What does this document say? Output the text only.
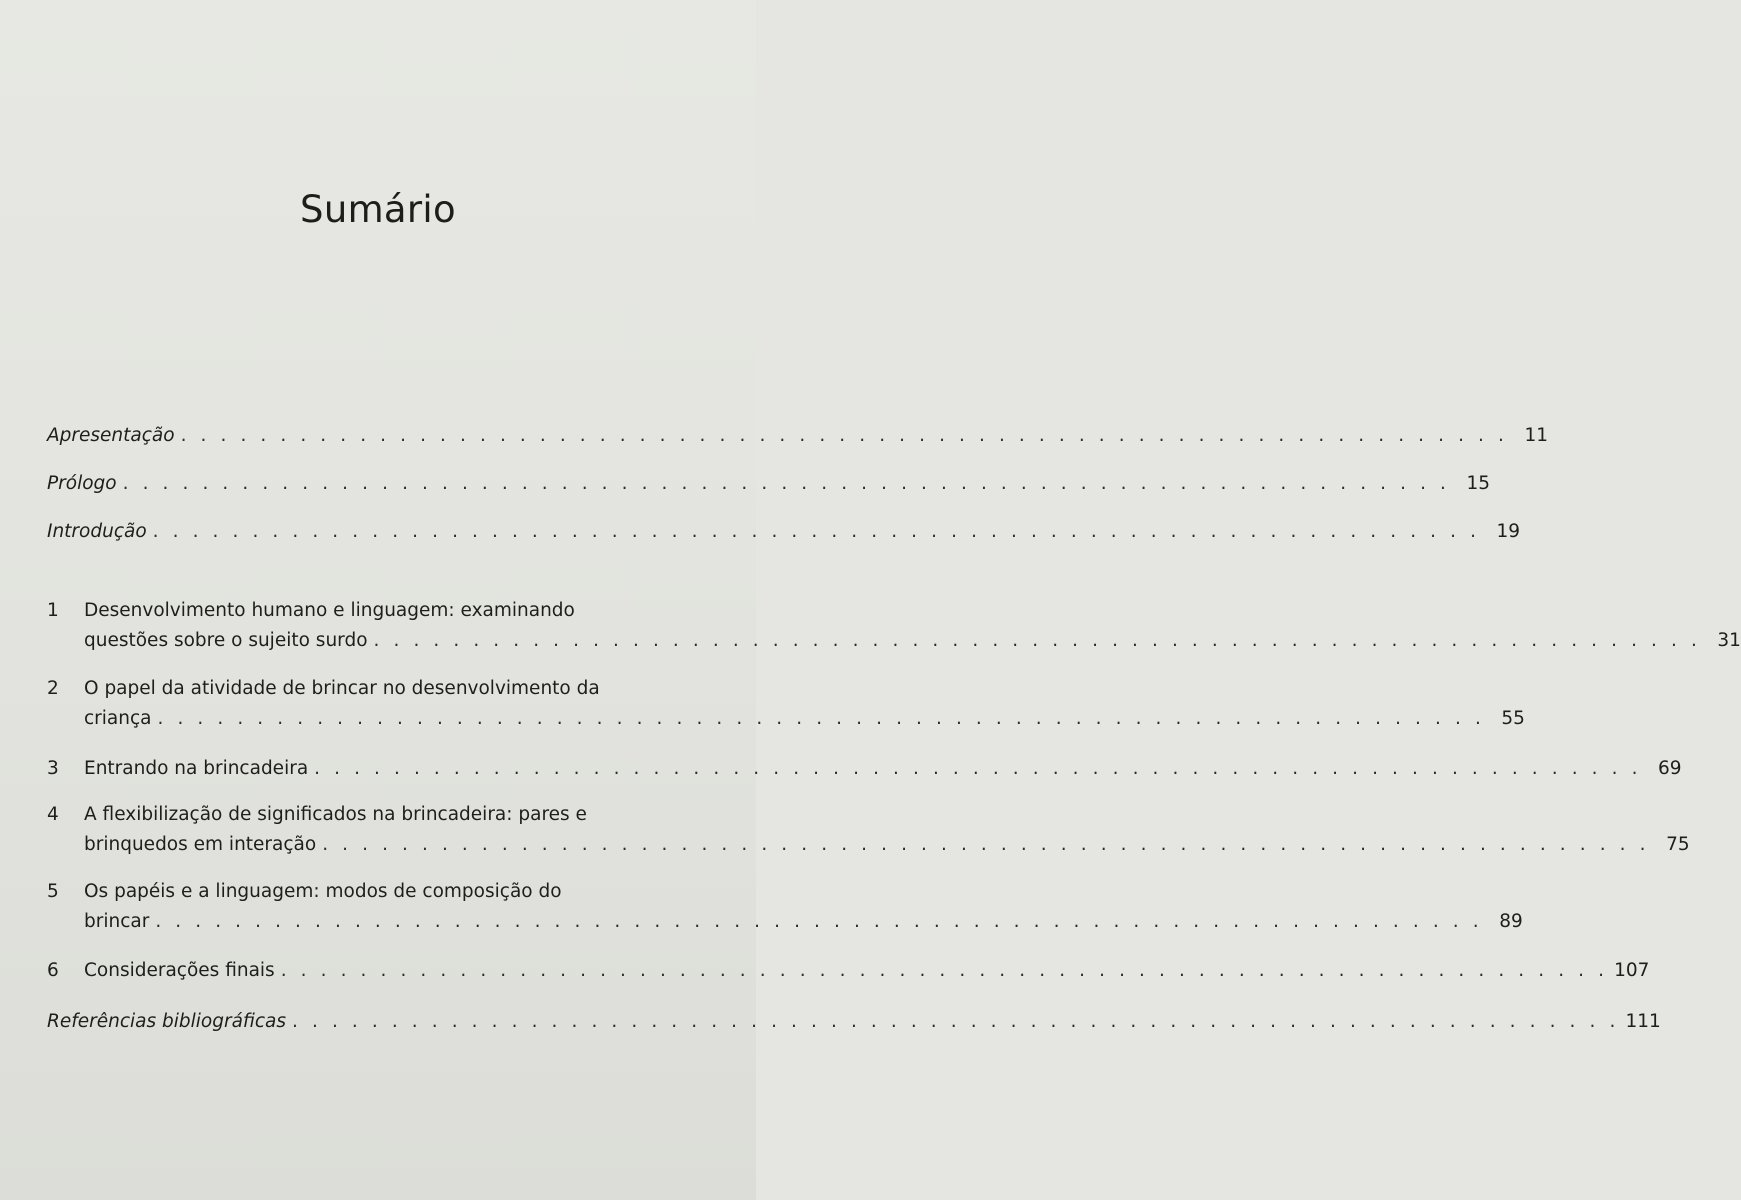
Sumário
Apresentação . . . . . . . . . . . . . . . . . . . . . . . . . . . . . . . . . . . . . . . . . . . . . . . . . . . . . . . . . . . . . . . . . . . 11
Prólogo . . . . . . . . . . . . . . . . . . . . . . . . . . . . . . . . . . . . . . . . . . . . . . . . . . . . . . . . . . . . . . . . . . . 15
Introdução . . . . . . . . . . . . . . . . . . . . . . . . . . . . . . . . . . . . . . . . . . . . . . . . . . . . . . . . . . . . . . . . . . . 19
1	Desenvolvimento humano e linguagem: examinando
questões sobre o sujeito surdo . . . . . . . . . . . . . . . . . . . . . . . . . . . . . . . . . . . . . . . . . . . . . . . . . . . . . . . . . . . . . . . . . . . 31
2	O papel da atividade de brincar no desenvolvimento da
criança . . . . . . . . . . . . . . . . . . . . . . . . . . . . . . . . . . . . . . . . . . . . . . . . . . . . . . . . . . . . . . . . . . . 55
3	Entrando na brincadeira . . . . . . . . . . . . . . . . . . . . . . . . . . . . . . . . . . . . . . . . . . . . . . . . . . . . . . . . . . . . . . . . . . . 69
4	A flexibilização de significados na brincadeira: pares e
brinquedos em interação . . . . . . . . . . . . . . . . . . . . . . . . . . . . . . . . . . . . . . . . . . . . . . . . . . . . . . . . . . . . . . . . . . . 75
5	Os papéis e a linguagem: modos de composição do
brincar . . . . . . . . . . . . . . . . . . . . . . . . . . . . . . . . . . . . . . . . . . . . . . . . . . . . . . . . . . . . . . . . . . . 89
6	Considerações finais . . . . . . . . . . . . . . . . . . . . . . . . . . . . . . . . . . . . . . . . . . . . . . . . . . . . . . . . . . . . . . . . . . . 107
Referências bibliográficas . . . . . . . . . . . . . . . . . . . . . . . . . . . . . . . . . . . . . . . . . . . . . . . . . . . . . . . . . . . . . . . . . . . 111
